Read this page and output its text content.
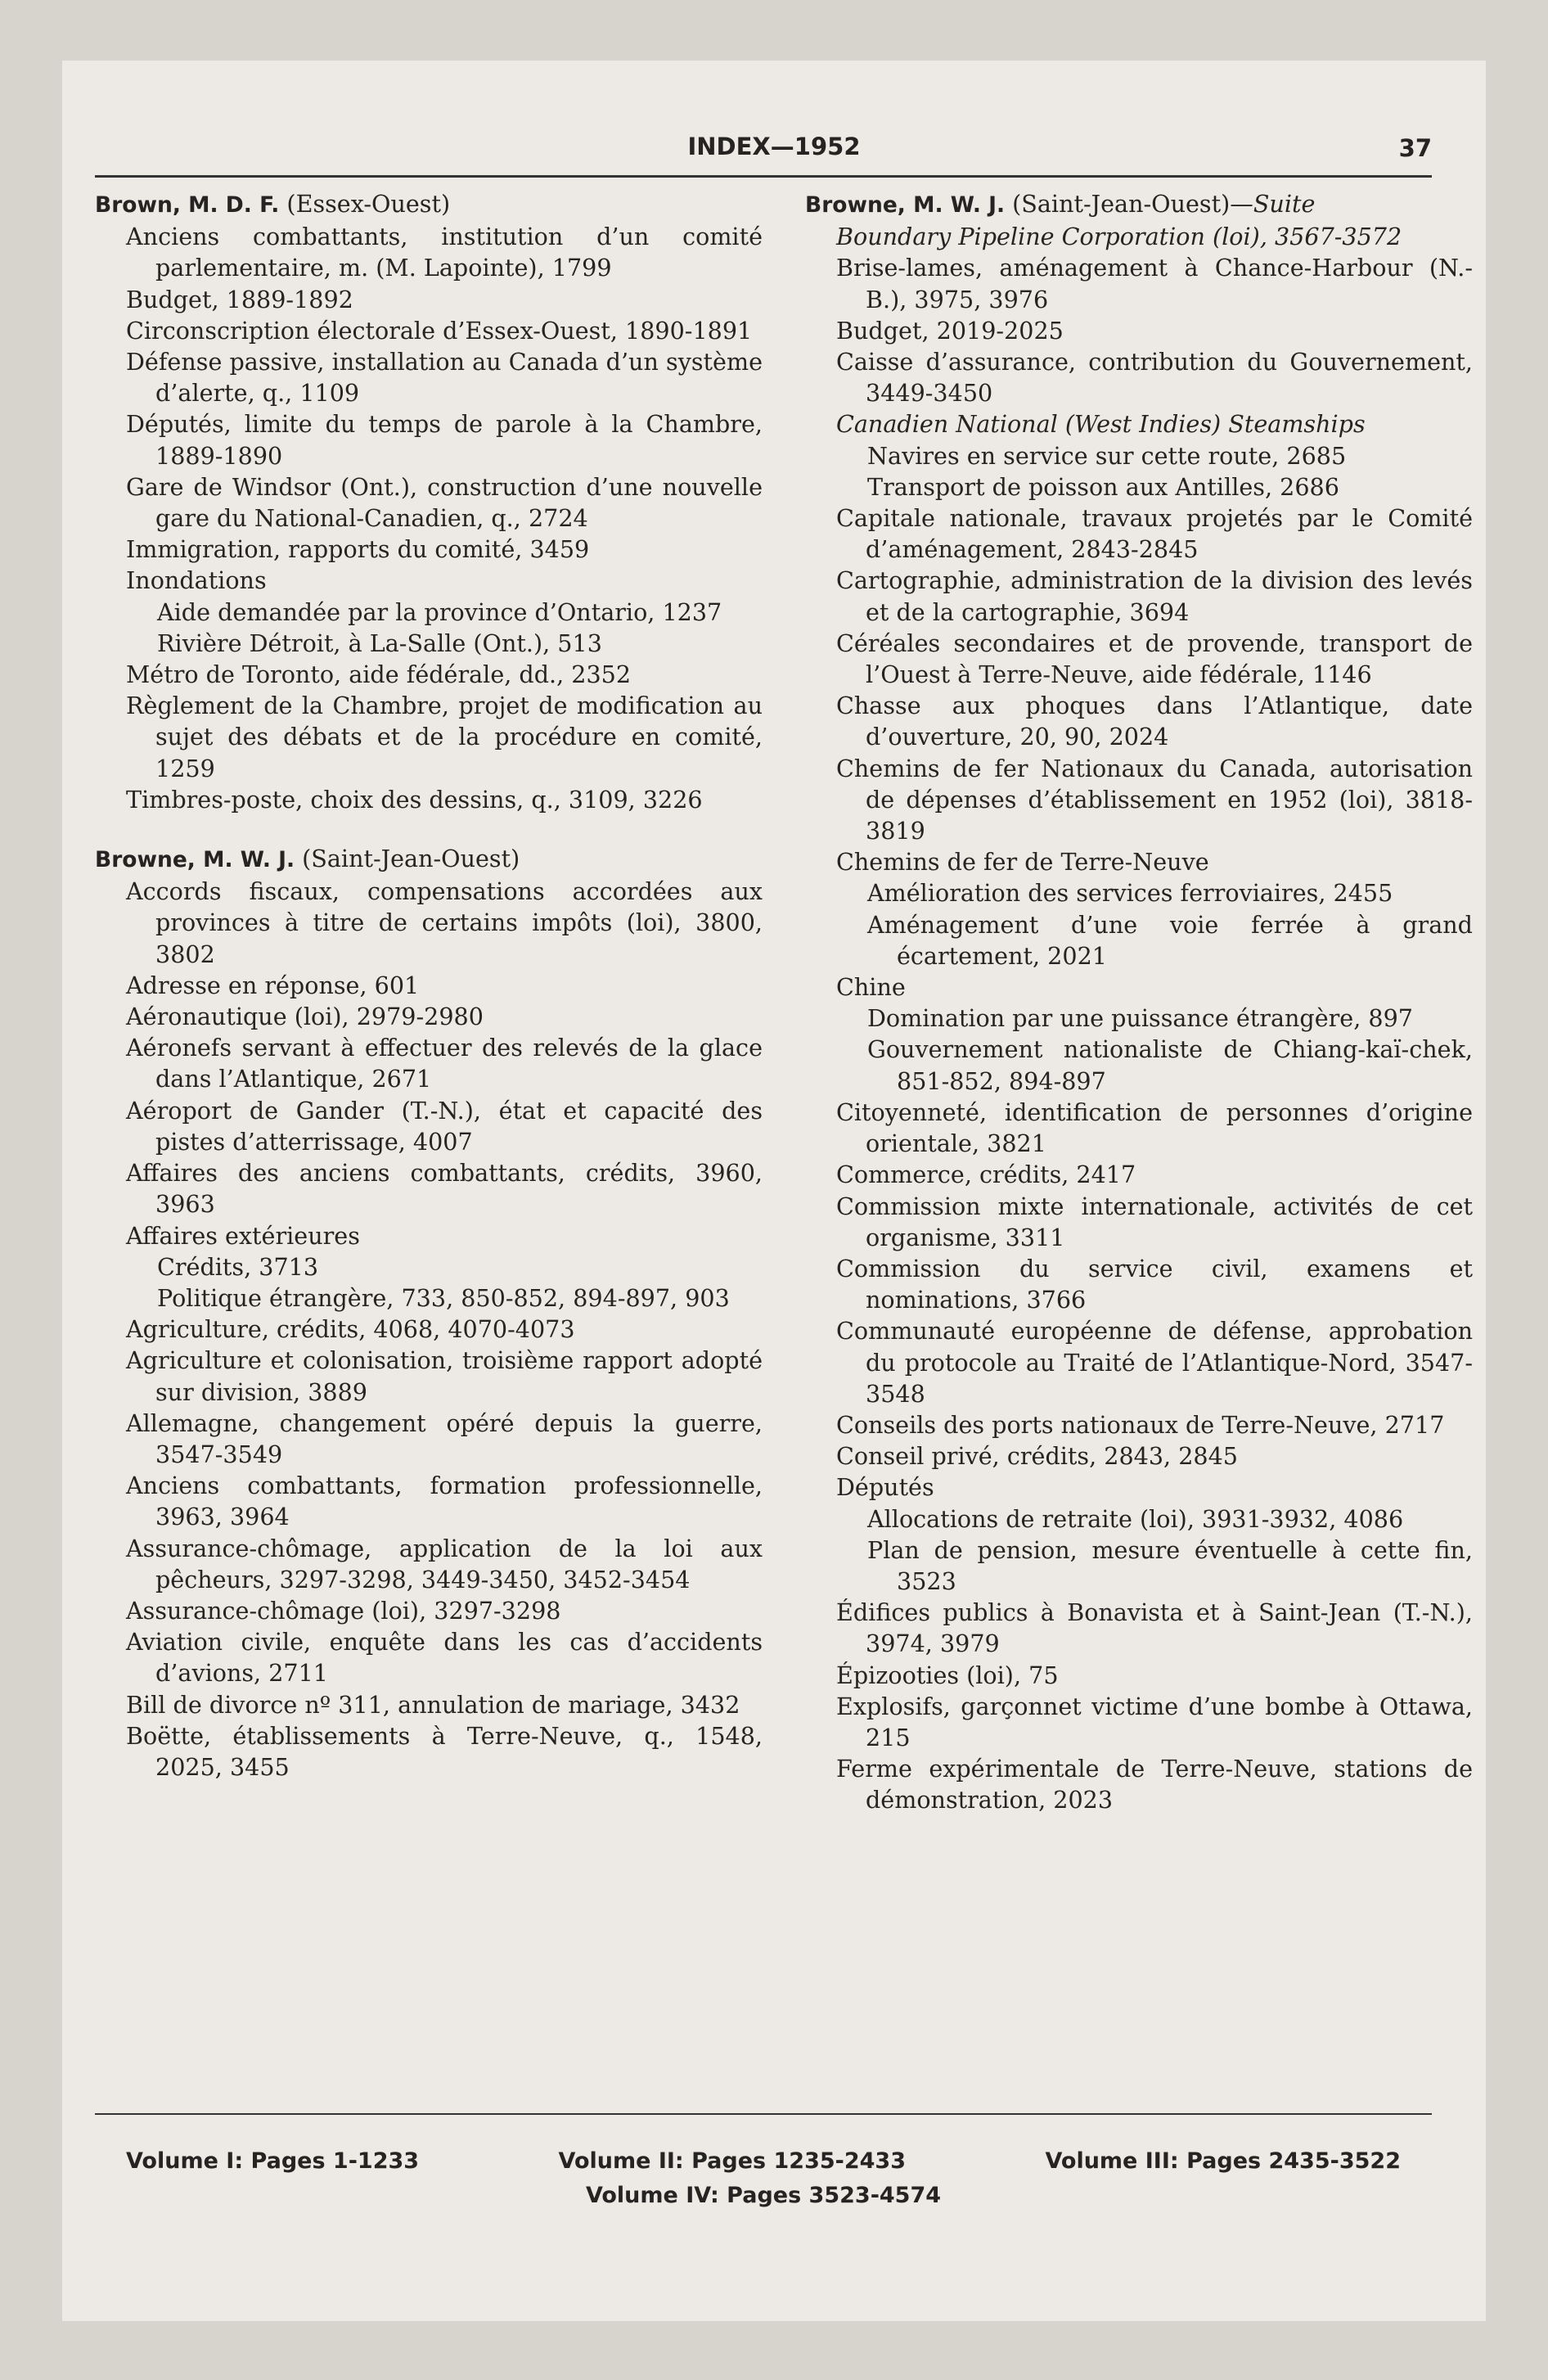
INDEX—1952	37
Brown, M. D. F. (Essex-Ouest)
Anciens combattants, institution d’un comité parlementaire, m. (M. Lapointe), 1799
Budget, 1889-1892
Circonscription électorale d’Essex-Ouest, 1890-1891
Défense passive, installation au Canada d’un système d’alerte, q., 1109
Députés, limite du temps de parole à la Chambre, 1889-1890
Gare de Windsor (Ont.), construction d’une nouvelle gare du National-Canadien, q., 2724
Immigration, rapports du comité, 3459
Inondations
Aide demandée par la province d’Ontario, 1237
Rivière Détroit, à La-Salle (Ont.), 513
Métro de Toronto, aide fédérale, dd., 2352
Règlement de la Chambre, projet de modification au sujet des débats et de la procédure en comité, 1259
Timbres-poste, choix des dessins, q., 3109, 3226
Browne, M. W. J. (Saint-Jean-Ouest)
Accords fiscaux, compensations accordées aux provinces à titre de certains impôts (loi), 3800, 3802
Adresse en réponse, 601
Aéronautique (loi), 2979-2980
Aéronefs servant à effectuer des relevés de la glace dans l’Atlantique, 2671
Aéroport de Gander (T.-N.), état et capacité des pistes d’atterrissage, 4007
Affaires des anciens combattants, crédits, 3960, 3963
Affaires extérieures
Crédits, 3713
Politique étrangère, 733, 850-852, 894-897, 903
Agriculture, crédits, 4068, 4070-4073
Agriculture et colonisation, troisième rapport adopté sur division, 3889
Allemagne, changement opéré depuis la guerre, 3547-3549
Anciens combattants, formation professionnelle, 3963, 3964
Assurance-chômage, application de la loi aux pêcheurs, 3297-3298, 3449-3450, 3452-3454
Assurance-chômage (loi), 3297-3298
Aviation civile, enquête dans les cas d’accidents d’avions, 2711
Bill de divorce nº 311, annulation de mariage, 3432
Boëtte, établissements à Terre-Neuve, q., 1548, 2025, 3455
Browne, M. W. J. (Saint-Jean-Ouest)—Suite
Boundary Pipeline Corporation (loi), 3567-3572
Brise-lames, aménagement à Chance-Harbour (N.-B.), 3975, 3976
Budget, 2019-2025
Caisse d’assurance, contribution du Gouvernement, 3449-3450
Canadien National (West Indies) Steamships
Navires en service sur cette route, 2685
Transport de poisson aux Antilles, 2686
Capitale nationale, travaux projetés par le Comité d’aménagement, 2843-2845
Cartographie, administration de la division des levés et de la cartographie, 3694
Céréales secondaires et de provende, transport de l’Ouest à Terre-Neuve, aide fédérale, 1146
Chasse aux phoques dans l’Atlantique, date d’ouverture, 20, 90, 2024
Chemins de fer Nationaux du Canada, autorisation de dépenses d’établissement en 1952 (loi), 3818-3819
Chemins de fer de Terre-Neuve
Amélioration des services ferroviaires, 2455
Aménagement d’une voie ferrée à grand écartement, 2021
Chine
Domination par une puissance étrangère, 897
Gouvernement nationaliste de Chiang-kaï-chek, 851-852, 894-897
Citoyenneté, identification de personnes d’origine orientale, 3821
Commerce, crédits, 2417
Commission mixte internationale, activités de cet organisme, 3311
Commission du service civil, examens et nominations, 3766
Communauté européenne de défense, approbation du protocole au Traité de l’Atlantique-Nord, 3547-3548
Conseils des ports nationaux de Terre-Neuve, 2717
Conseil privé, crédits, 2843, 2845
Députés
Allocations de retraite (loi), 3931-3932, 4086
Plan de pension, mesure éventuelle à cette fin, 3523
Édifices publics à Bonavista et à Saint-Jean (T.-N.), 3974, 3979
Épizooties (loi), 75
Explosifs, garçonnet victime d’une bombe à Ottawa, 215
Ferme expérimentale de Terre-Neuve, stations de démonstration, 2023
Volume I: Pages 1-1233	Volume II: Pages 1235-2433	Volume III: Pages 2435-3522
Volume IV: Pages 3523-4574
